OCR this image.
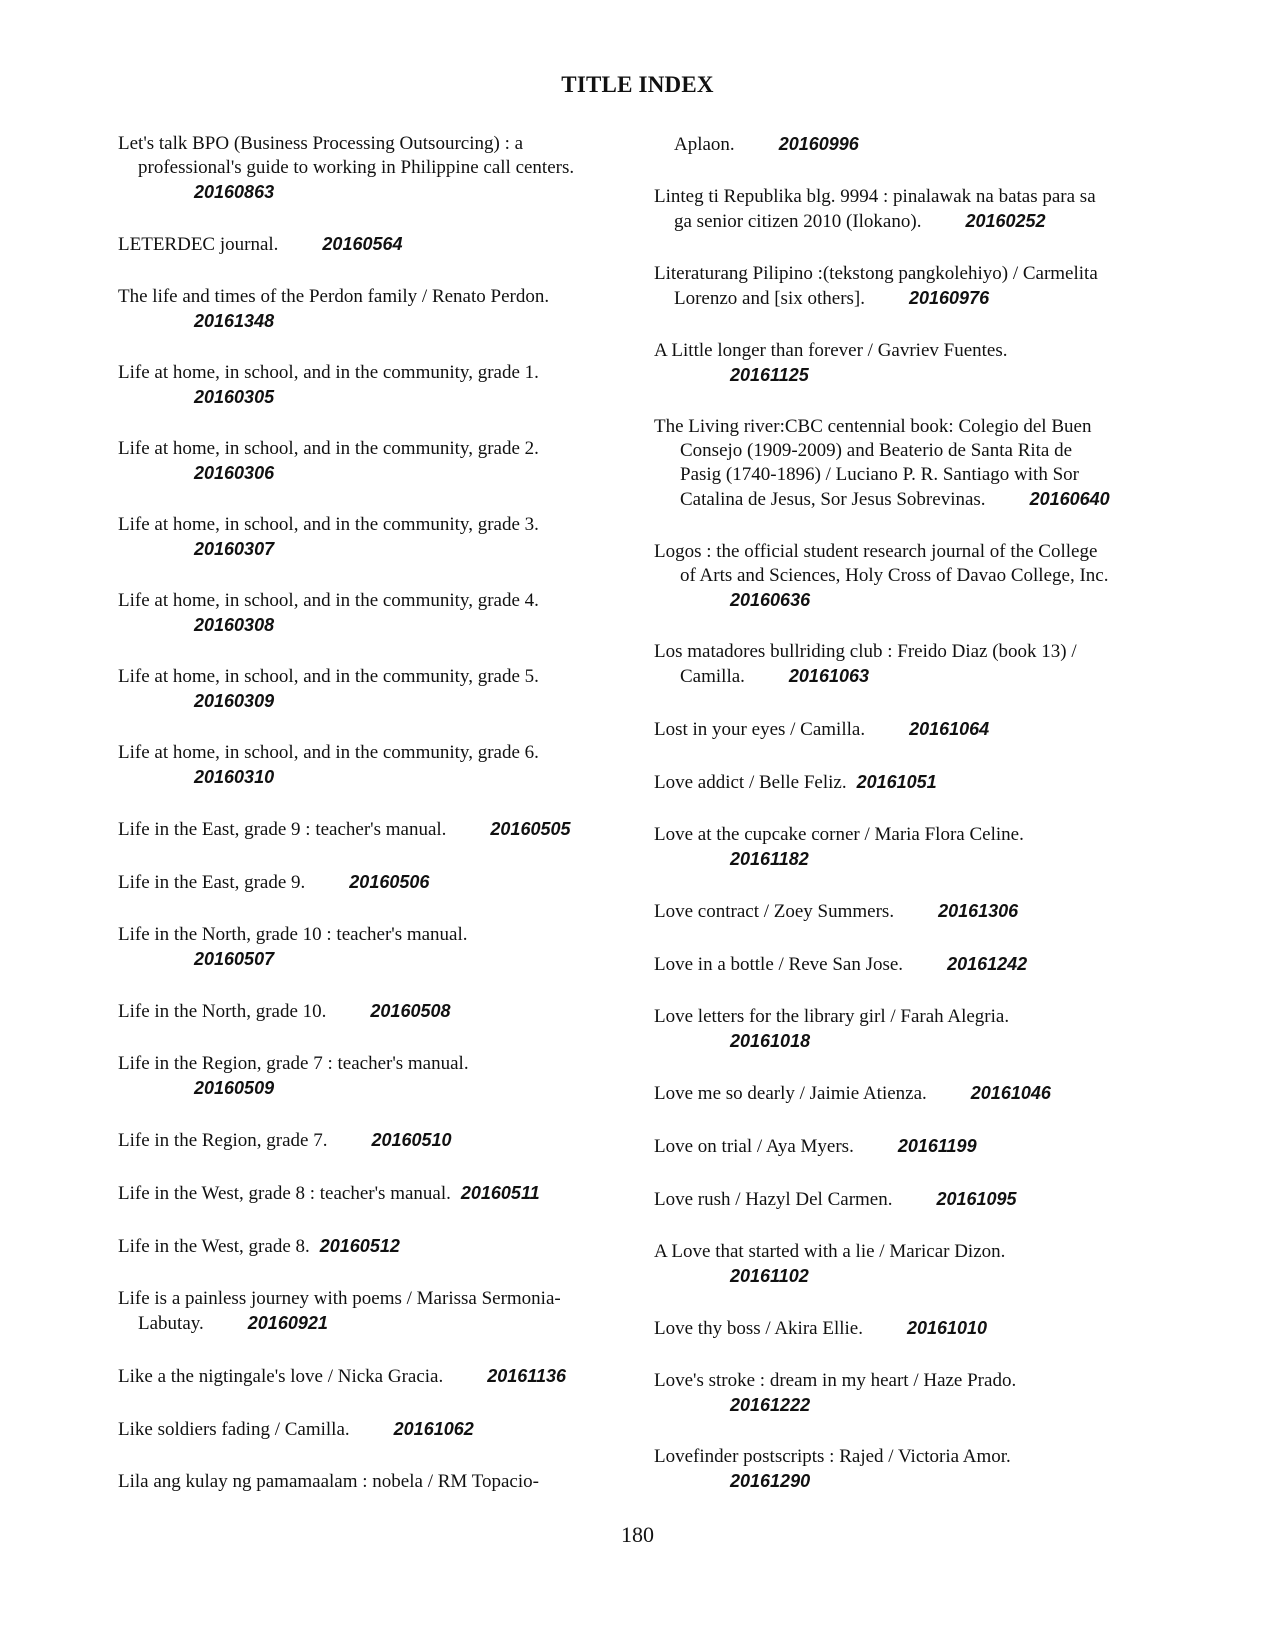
TITLE INDEX
Let's talk BPO (Business Processing Outsourcing) : a
professional's guide to working in Philippine call centers.
20160863
LETERDEC journal. 20160564
The life and times of the Perdon family / Renato Perdon.
20161348
Life at home, in school, and in the community, grade 1.
20160305
Life at home, in school, and in the community, grade 2.
20160306
Life at home, in school, and in the community, grade 3.
20160307
Life at home, in school, and in the community, grade 4.
20160308
Life at home, in school, and in the community, grade 5.
20160309
Life at home, in school, and in the community, grade 6.
20160310
Life in the East, grade 9 : teacher's manual. 20160505
Life in the East, grade 9. 20160506
Life in the North, grade 10 : teacher's manual.
20160507
Life in the North, grade 10. 20160508
Life in the Region, grade 7 : teacher's manual.
20160509
Life in the Region, grade 7. 20160510
Life in the West, grade 8 : teacher's manual. 20160511
Life in the West, grade 8. 20160512
Life is a painless journey with poems / Marissa Sermonia-
Labutay. 20160921
Like a the nigtingale's love / Nicka Gracia. 20161136
Like soldiers fading / Camilla. 20161062
Lila ang kulay ng pamamaalam : nobela / RM Topacio-
Aplaon. 20160996
Linteg ti Republika blg. 9994 : pinalawak na batas para sa
ga senior citizen 2010 (Ilokano). 20160252
Literaturang Pilipino :(tekstong pangkolehiyo) / Carmelita
Lorenzo and [six others]. 20160976
A Little longer than forever / Gavriev Fuentes.
20161125
The Living river:CBC centennial book: Colegio del Buen
Consejo (1909-2009) and Beaterio de Santa Rita de
Pasig (1740-1896) / Luciano P. R. Santiago with Sor
Catalina de Jesus, Sor Jesus Sobrevinas. 20160640
Logos : the official student research journal of the College
of Arts and Sciences, Holy Cross of Davao College, Inc.
20160636
Los matadores bullriding club : Freido Diaz (book 13) /
Camilla. 20161063
Lost in your eyes / Camilla. 20161064
Love addict / Belle Feliz. 20161051
Love at the cupcake corner / Maria Flora Celine.
20161182
Love contract / Zoey Summers. 20161306
Love in a bottle / Reve San Jose. 20161242
Love letters for the library girl / Farah Alegria.
20161018
Love me so dearly / Jaimie Atienza. 20161046
Love on trial / Aya Myers. 20161199
Love rush / Hazyl Del Carmen. 20161095
A Love that started with a lie / Maricar Dizon.
20161102
Love thy boss / Akira Ellie. 20161010
Love's stroke : dream in my heart / Haze Prado.
20161222
Lovefinder postscripts : Rajed / Victoria Amor.
20161290
180
